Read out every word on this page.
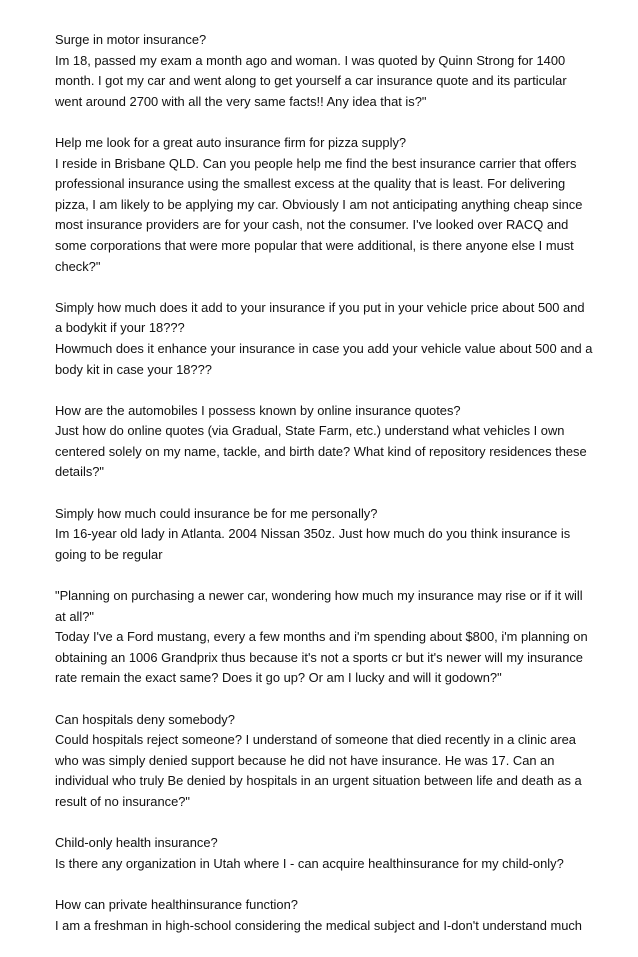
Surge in motor insurance?
Im 18, passed my exam a month ago and woman. I was quoted by Quinn Strong for 1400 month. I got my car and went along to get yourself a car insurance quote and its particular went around 2700 with all the very same facts!! Any idea that is?"
Help me look for a great auto insurance firm for pizza supply?
I reside in Brisbane QLD. Can you people help me find the best insurance carrier that offers professional insurance using the smallest excess at the quality that is least. For delivering pizza, I am likely to be applying my car. Obviously I am not anticipating anything cheap since most insurance providers are for your cash, not the consumer. I've looked over RACQ and some corporations that were more popular that were additional, is there anyone else I must check?"
Simply how much does it add to your insurance if you put in your vehicle price about 500 and a bodykit if your 18???
Howmuch does it enhance your insurance in case you add your vehicle value about 500 and a body kit in case your 18???
How are the automobiles I possess known by online insurance quotes?
Just how do online quotes (via Gradual, State Farm, etc.) understand what vehicles I own centered solely on my name, tackle, and birth date? What kind of repository residences these details?"
Simply how much could insurance be for me personally?
Im 16-year old lady in Atlanta. 2004 Nissan 350z. Just how much do you think insurance is going to be regular
"Planning on purchasing a newer car, wondering how much my insurance may rise or if it will at all?"
Today I've a Ford mustang, every a few months and i'm spending about $800, i'm planning on obtaining an 1006 Grandprix thus because it's not a sports cr but it's newer will my insurance rate remain the exact same? Does it go up? Or am I lucky and will it godown?"
Can hospitals deny somebody?
Could hospitals reject someone? I understand of someone that died recently in a clinic area who was simply denied support because he did not have insurance. He was 17. Can an individual who truly Be denied by hospitals in an urgent situation between life and death as a result of no insurance?"
Child-only health insurance?
Is there any organization in Utah where I - can acquire healthinsurance for my child-only?
How can private healthinsurance function?
I am a freshman in high-school considering the medical subject and I-don't understand much
